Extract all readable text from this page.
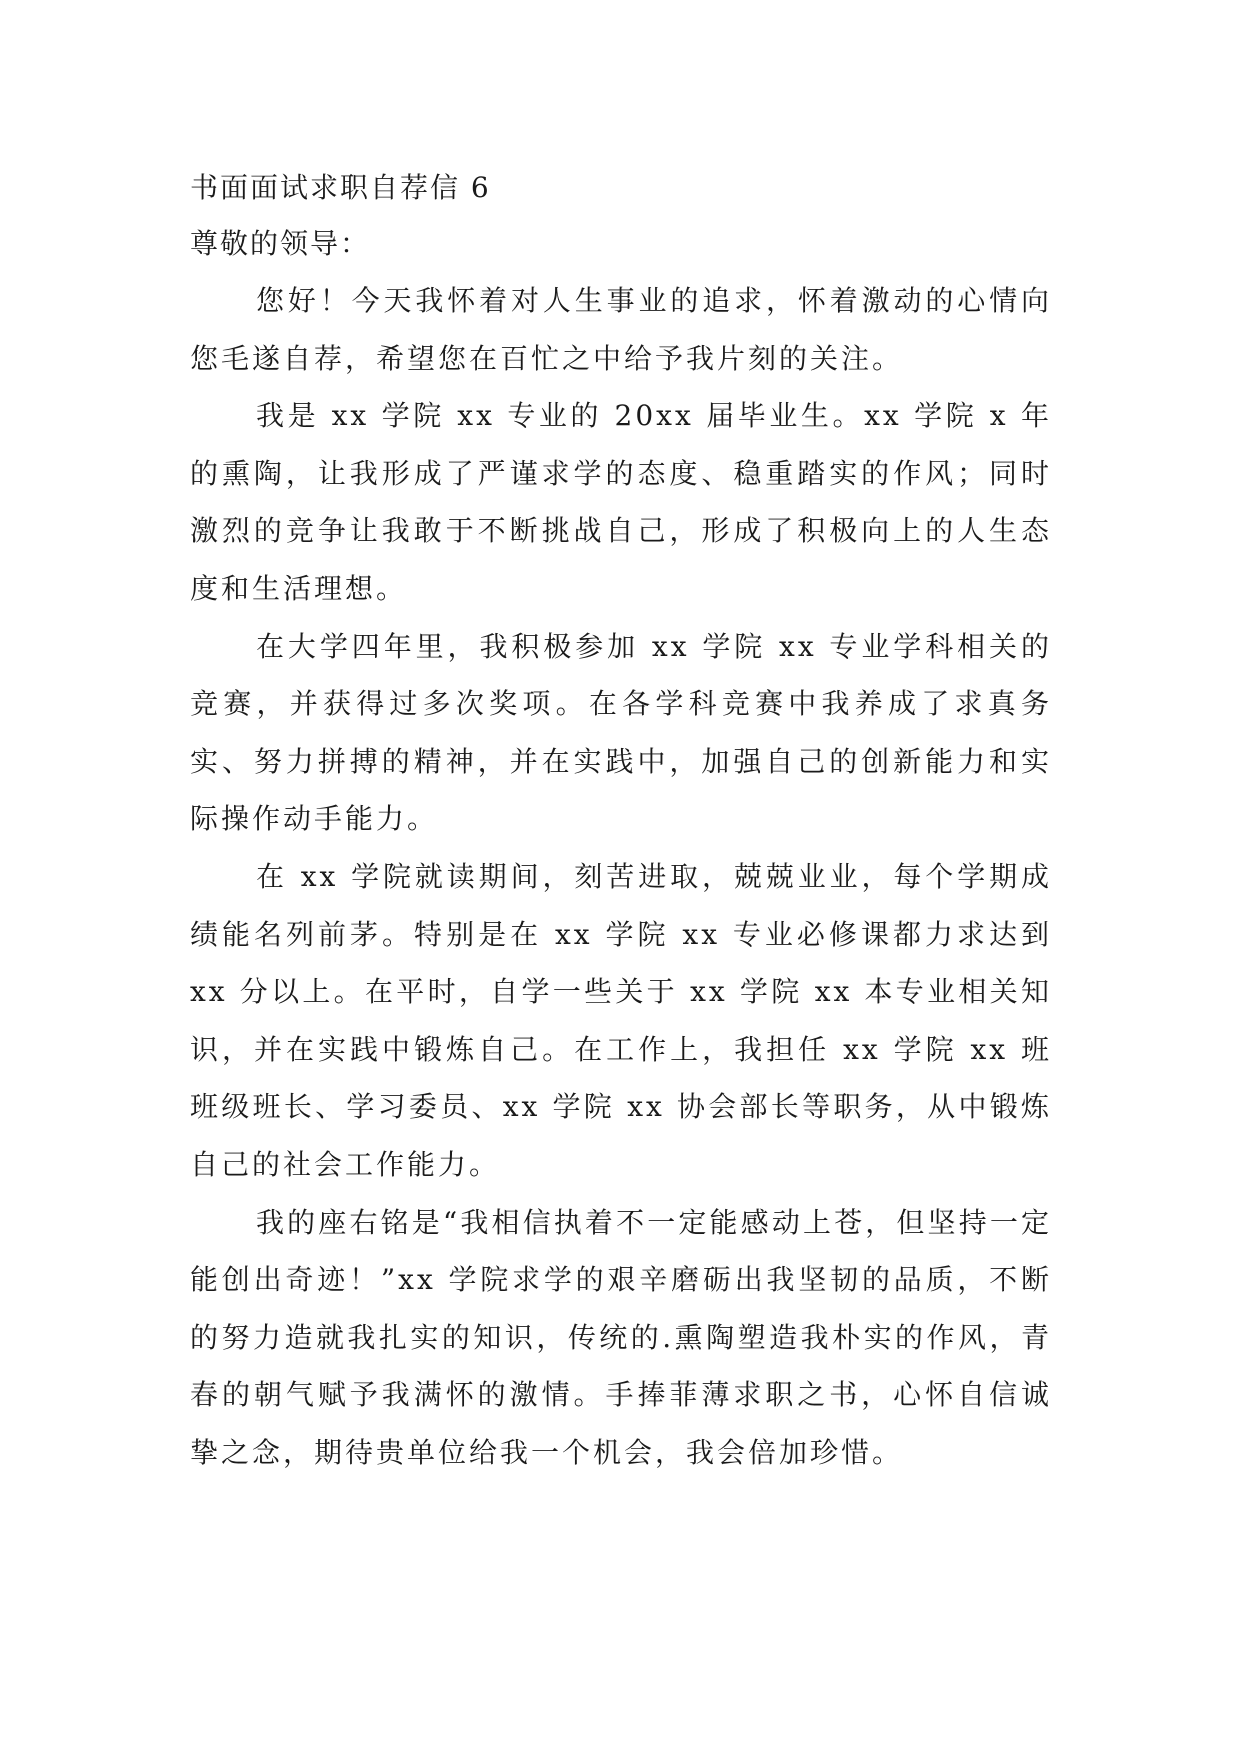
书面面试求职自荐信 6

尊敬的领导：

您好！今天我怀着对人生事业的追求，怀着激动的心情向您毛遂自荐，希望您在百忙之中给予我片刻的关注。

我是 xx 学院 xx 专业的 20xx 届毕业生。xx 学院 x 年的熏陶，让我形成了严谨求学的态度、稳重踏实的作风；同时激烈的竞争让我敢于不断挑战自己，形成了积极向上的人生态度和生活理想。

在大学四年里，我积极参加 xx 学院 xx 专业学科相关的竞赛，并获得过多次奖项。在各学科竞赛中我养成了求真务实、努力拼搏的精神，并在实践中，加强自己的创新能力和实际操作动手能力。

在 xx 学院就读期间，刻苦进取，兢兢业业，每个学期成绩能名列前茅。特别是在 xx 学院 xx 专业必修课都力求达到 xx 分以上。在平时，自学一些关于 xx 学院 xx 本专业相关知识，并在实践中锻炼自己。在工作上，我担任 xx 学院 xx 班班级班长、学习委员、xx 学院 xx 协会部长等职务，从中锻炼自己的社会工作能力。

我的座右铭是“我相信执着不一定能感动上苍，但坚持一定能创出奇迹！”xx 学院求学的艰辛磨砺出我坚韧的品质，不断的努力造就我扎实的知识，传统的.熏陶塑造我朴实的作风，青春的朝气赋予我满怀的激情。手捧菲薄求职之书，心怀自信诚挚之念，期待贵单位给我一个机会，我会倍加珍惜。
